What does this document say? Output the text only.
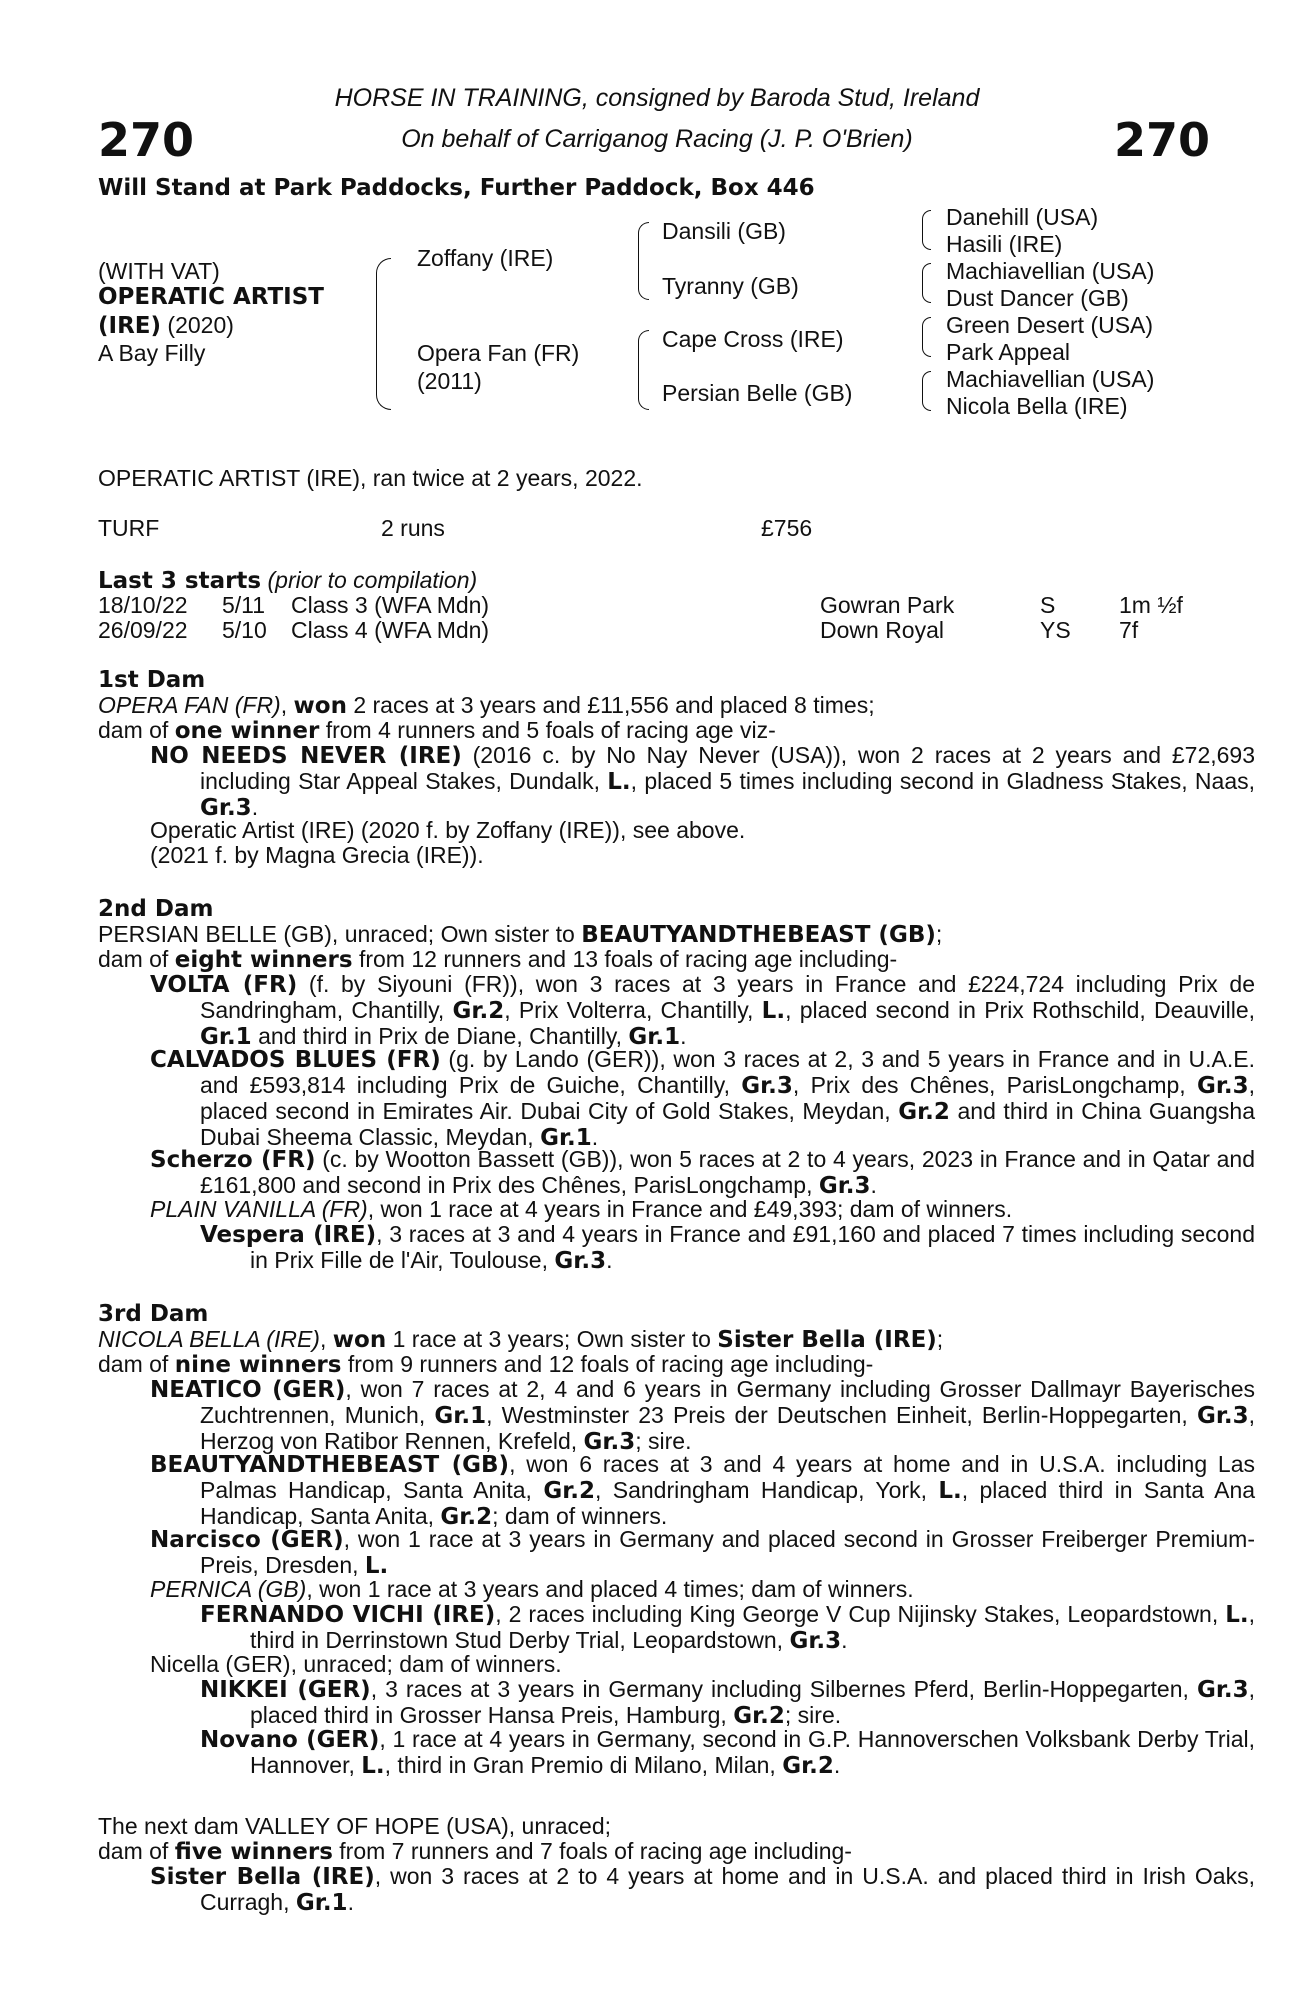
270	270
HORSE IN TRAINING, consigned by Baroda Stud, Ireland
On behalf of Carriganog Racing (J. P. O'Brien)
Will Stand at Park Paddocks, Further Paddock, Box 446
(WITH VAT)
OPERATIC ARTIST
(IRE) (2020)
A Bay Filly
Zoffany (IRE)
Opera Fan (FR)
(2011)
Dansili (GB)
Tyranny (GB)
Cape Cross (IRE)
Persian Belle (GB)
Danehill (USA)
Hasili (IRE)
Machiavellian (USA)
Dust Dancer (GB)
Green Desert (USA)
Park Appeal
Machiavellian (USA)
Nicola Bella (IRE)
OPERATIC ARTIST (IRE), ran twice at 2 years, 2022.
TURF	2 runs	£756
Last 3 starts (prior to compilation)
18/10/22 5/11 Class 3 (WFA Mdn)	Gowran Park	S	1m ½f
26/09/22 5/10 Class 4 (WFA Mdn)	Down Royal	YS 7f
1st Dam
OPERA FAN (FR), won 2 races at 3 years and £11,556 and placed 8 times;
dam of one winner from 4 runners and 5 foals of racing age viz-
NO NEEDS NEVER (IRE) (2016 c. by No Nay Never (USA)), won 2 races at 2 years and £72,693 including Star Appeal Stakes, Dundalk, L., placed 5 times including second in Gladness Stakes, Naas, Gr.3.
Operatic Artist (IRE) (2020 f. by Zoffany (IRE)), see above.
(2021 f. by Magna Grecia (IRE)).
2nd Dam
PERSIAN BELLE (GB), unraced; Own sister to BEAUTYANDTHEBEAST (GB);
dam of eight winners from 12 runners and 13 foals of racing age including-
VOLTA (FR) (f. by Siyouni (FR)), won 3 races at 3 years in France and £224,724 including Prix de Sandringham, Chantilly, Gr.2, Prix Volterra, Chantilly, L., placed second in Prix Rothschild, Deauville, Gr.1 and third in Prix de Diane, Chantilly, Gr.1.
CALVADOS BLUES (FR) (g. by Lando (GER)), won 3 races at 2, 3 and 5 years in France and in U.A.E. and £593,814 including Prix de Guiche, Chantilly, Gr.3, Prix des Chênes, ParisLongchamp, Gr.3, placed second in Emirates Air. Dubai City of Gold Stakes, Meydan, Gr.2 and third in China Guangsha Dubai Sheema Classic, Meydan, Gr.1.
Scherzo (FR) (c. by Wootton Bassett (GB)), won 5 races at 2 to 4 years, 2023 in France and in Qatar and £161,800 and second in Prix des Chênes, ParisLongchamp, Gr.3.
PLAIN VANILLA (FR), won 1 race at 4 years in France and £49,393; dam of winners.
Vespera (IRE), 3 races at 3 and 4 years in France and £91,160 and placed 7 times including second in Prix Fille de l'Air, Toulouse, Gr.3.
3rd Dam
NICOLA BELLA (IRE), won 1 race at 3 years; Own sister to Sister Bella (IRE);
dam of nine winners from 9 runners and 12 foals of racing age including-
NEATICO (GER), won 7 races at 2, 4 and 6 years in Germany including Grosser Dallmayr Bayerisches Zuchtrennen, Munich, Gr.1, Westminster 23 Preis der Deutschen Einheit, Berlin-Hoppegarten, Gr.3, Herzog von Ratibor Rennen, Krefeld, Gr.3; sire.
BEAUTYANDTHEBEAST (GB), won 6 races at 3 and 4 years at home and in U.S.A. including Las Palmas Handicap, Santa Anita, Gr.2, Sandringham Handicap, York, L., placed third in Santa Ana Handicap, Santa Anita, Gr.2; dam of winners.
Narcisco (GER), won 1 race at 3 years in Germany and placed second in Grosser Freiberger Premium-Preis, Dresden, L.
PERNICA (GB), won 1 race at 3 years and placed 4 times; dam of winners.
FERNANDO VICHI (IRE), 2 races including King George V Cup Nijinsky Stakes, Leopardstown, L., third in Derrinstown Stud Derby Trial, Leopardstown, Gr.3.
Nicella (GER), unraced; dam of winners.
NIKKEI (GER), 3 races at 3 years in Germany including Silbernes Pferd, Berlin-Hoppegarten, Gr.3, placed third in Grosser Hansa Preis, Hamburg, Gr.2; sire.
Novano (GER), 1 race at 4 years in Germany, second in G.P. Hannoverschen Volksbank Derby Trial, Hannover, L., third in Gran Premio di Milano, Milan, Gr.2.
The next dam VALLEY OF HOPE (USA), unraced;
dam of five winners from 7 runners and 7 foals of racing age including-
Sister Bella (IRE), won 3 races at 2 to 4 years at home and in U.S.A. and placed third in Irish Oaks, Curragh, Gr.1.
